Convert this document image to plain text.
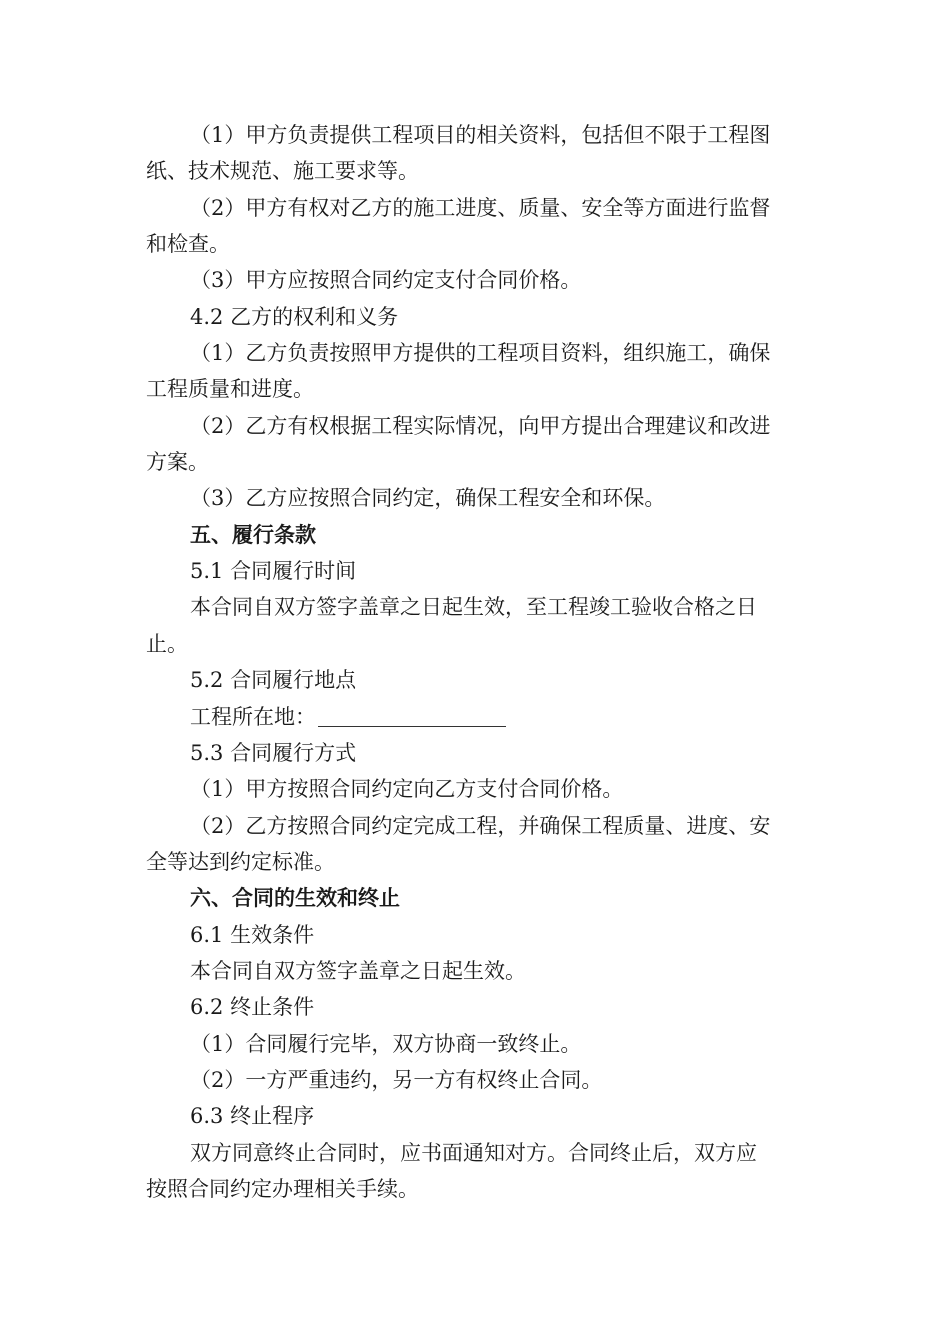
（1）甲方负责提供工程项目的相关资料，包括但不限于工程图
纸、技术规范、施工要求等。
（2）甲方有权对乙方的施工进度、质量、安全等方面进行监督
和检查。
（3）甲方应按照合同约定支付合同价格。
4.2 乙方的权利和义务
（1）乙方负责按照甲方提供的工程项目资料，组织施工，确保
工程质量和进度。
（2）乙方有权根据工程实际情况，向甲方提出合理建议和改进
方案。
（3）乙方应按照合同约定，确保工程安全和环保。
五、履行条款
5.1 合同履行时间
本合同自双方签字盖章之日起生效，至工程竣工验收合格之日
止。
5.2 合同履行地点
工程所在地：
5.3 合同履行方式
（1）甲方按照合同约定向乙方支付合同价格。
（2）乙方按照合同约定完成工程，并确保工程质量、进度、安
全等达到约定标准。
六、合同的生效和终止
6.1 生效条件
本合同自双方签字盖章之日起生效。
6.2 终止条件
（1）合同履行完毕，双方协商一致终止。
（2）一方严重违约，另一方有权终止合同。
6.3 终止程序
双方同意终止合同时，应书面通知对方。合同终止后，双方应
按照合同约定办理相关手续。
